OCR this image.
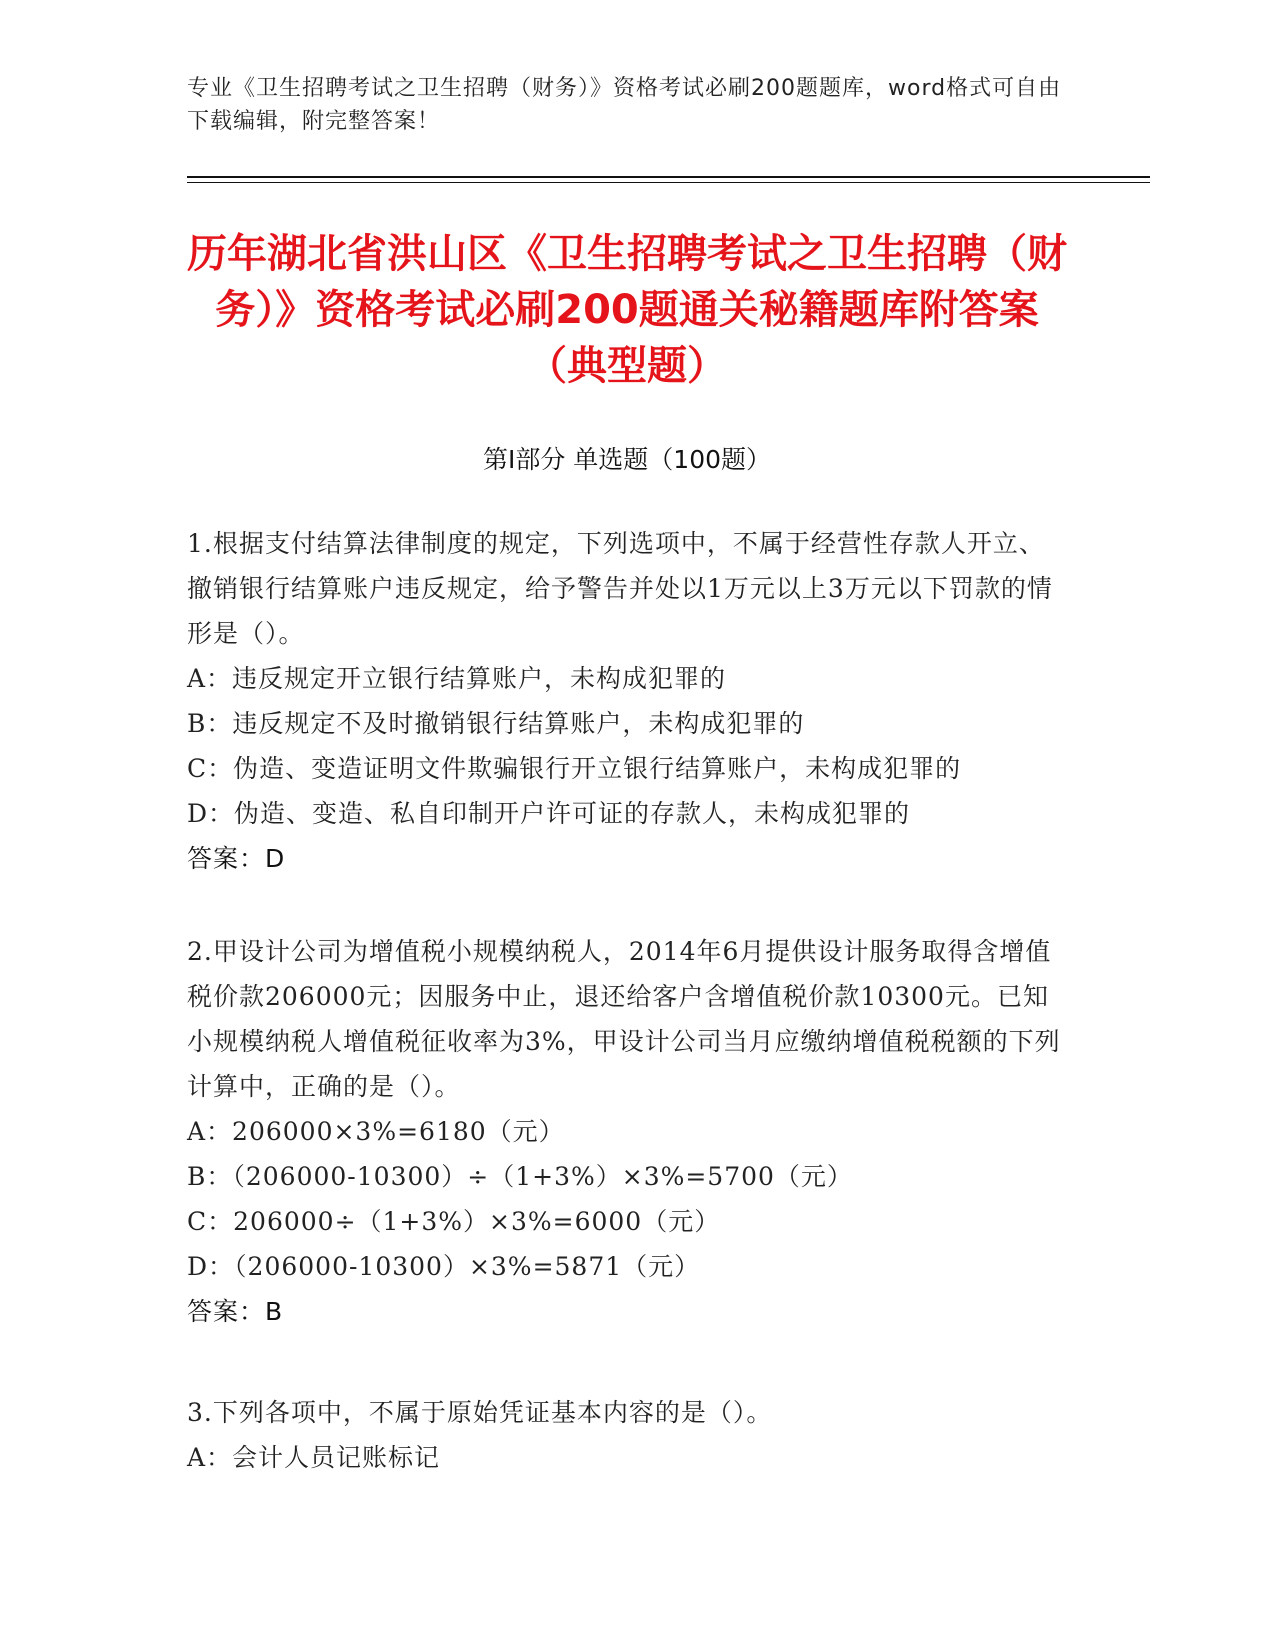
专业《卫生招聘考试之卫生招聘（财务）》资格考试必刷200题题库，word格式可自由下载编辑，附完整答案！
历年湖北省洪山区《卫生招聘考试之卫生招聘（财务）》资格考试必刷200题通关秘籍题库附答案（典型题）
第Ⅰ部分 单选题（100题）

1.根据支付结算法律制度的规定，下列选项中，不属于经营性存款人开立、撤销银行结算账户违反规定，给予警告并处以1万元以上3万元以下罚款的情形是（）。

A：违反规定开立银行结算账户，未构成犯罪的

B：违反规定不及时撤销银行结算账户，未构成犯罪的

C：伪造、变造证明文件欺骗银行开立银行结算账户，未构成犯罪的

D：伪造、变造、私自印制开户许可证的存款人，未构成犯罪的

答案：D

2.甲设计公司为增值税小规模纳税人，2014年6月提供设计服务取得含增值税价款206000元；因服务中止，退还给客户含增值税价款10300元。已知小规模纳税人增值税征收率为3%，甲设计公司当月应缴纳增值税税额的下列计算中，正确的是（）。

A：206000×3%=6180（元）

B：（206000-10300）÷（1+3%）×3%=5700（元）

C：206000÷（1+3%）×3%=6000（元）

D：（206000-10300）×3%=5871（元）

答案：B

3.下列各项中，不属于原始凭证基本内容的是（）。

A：会计人员记账标记
